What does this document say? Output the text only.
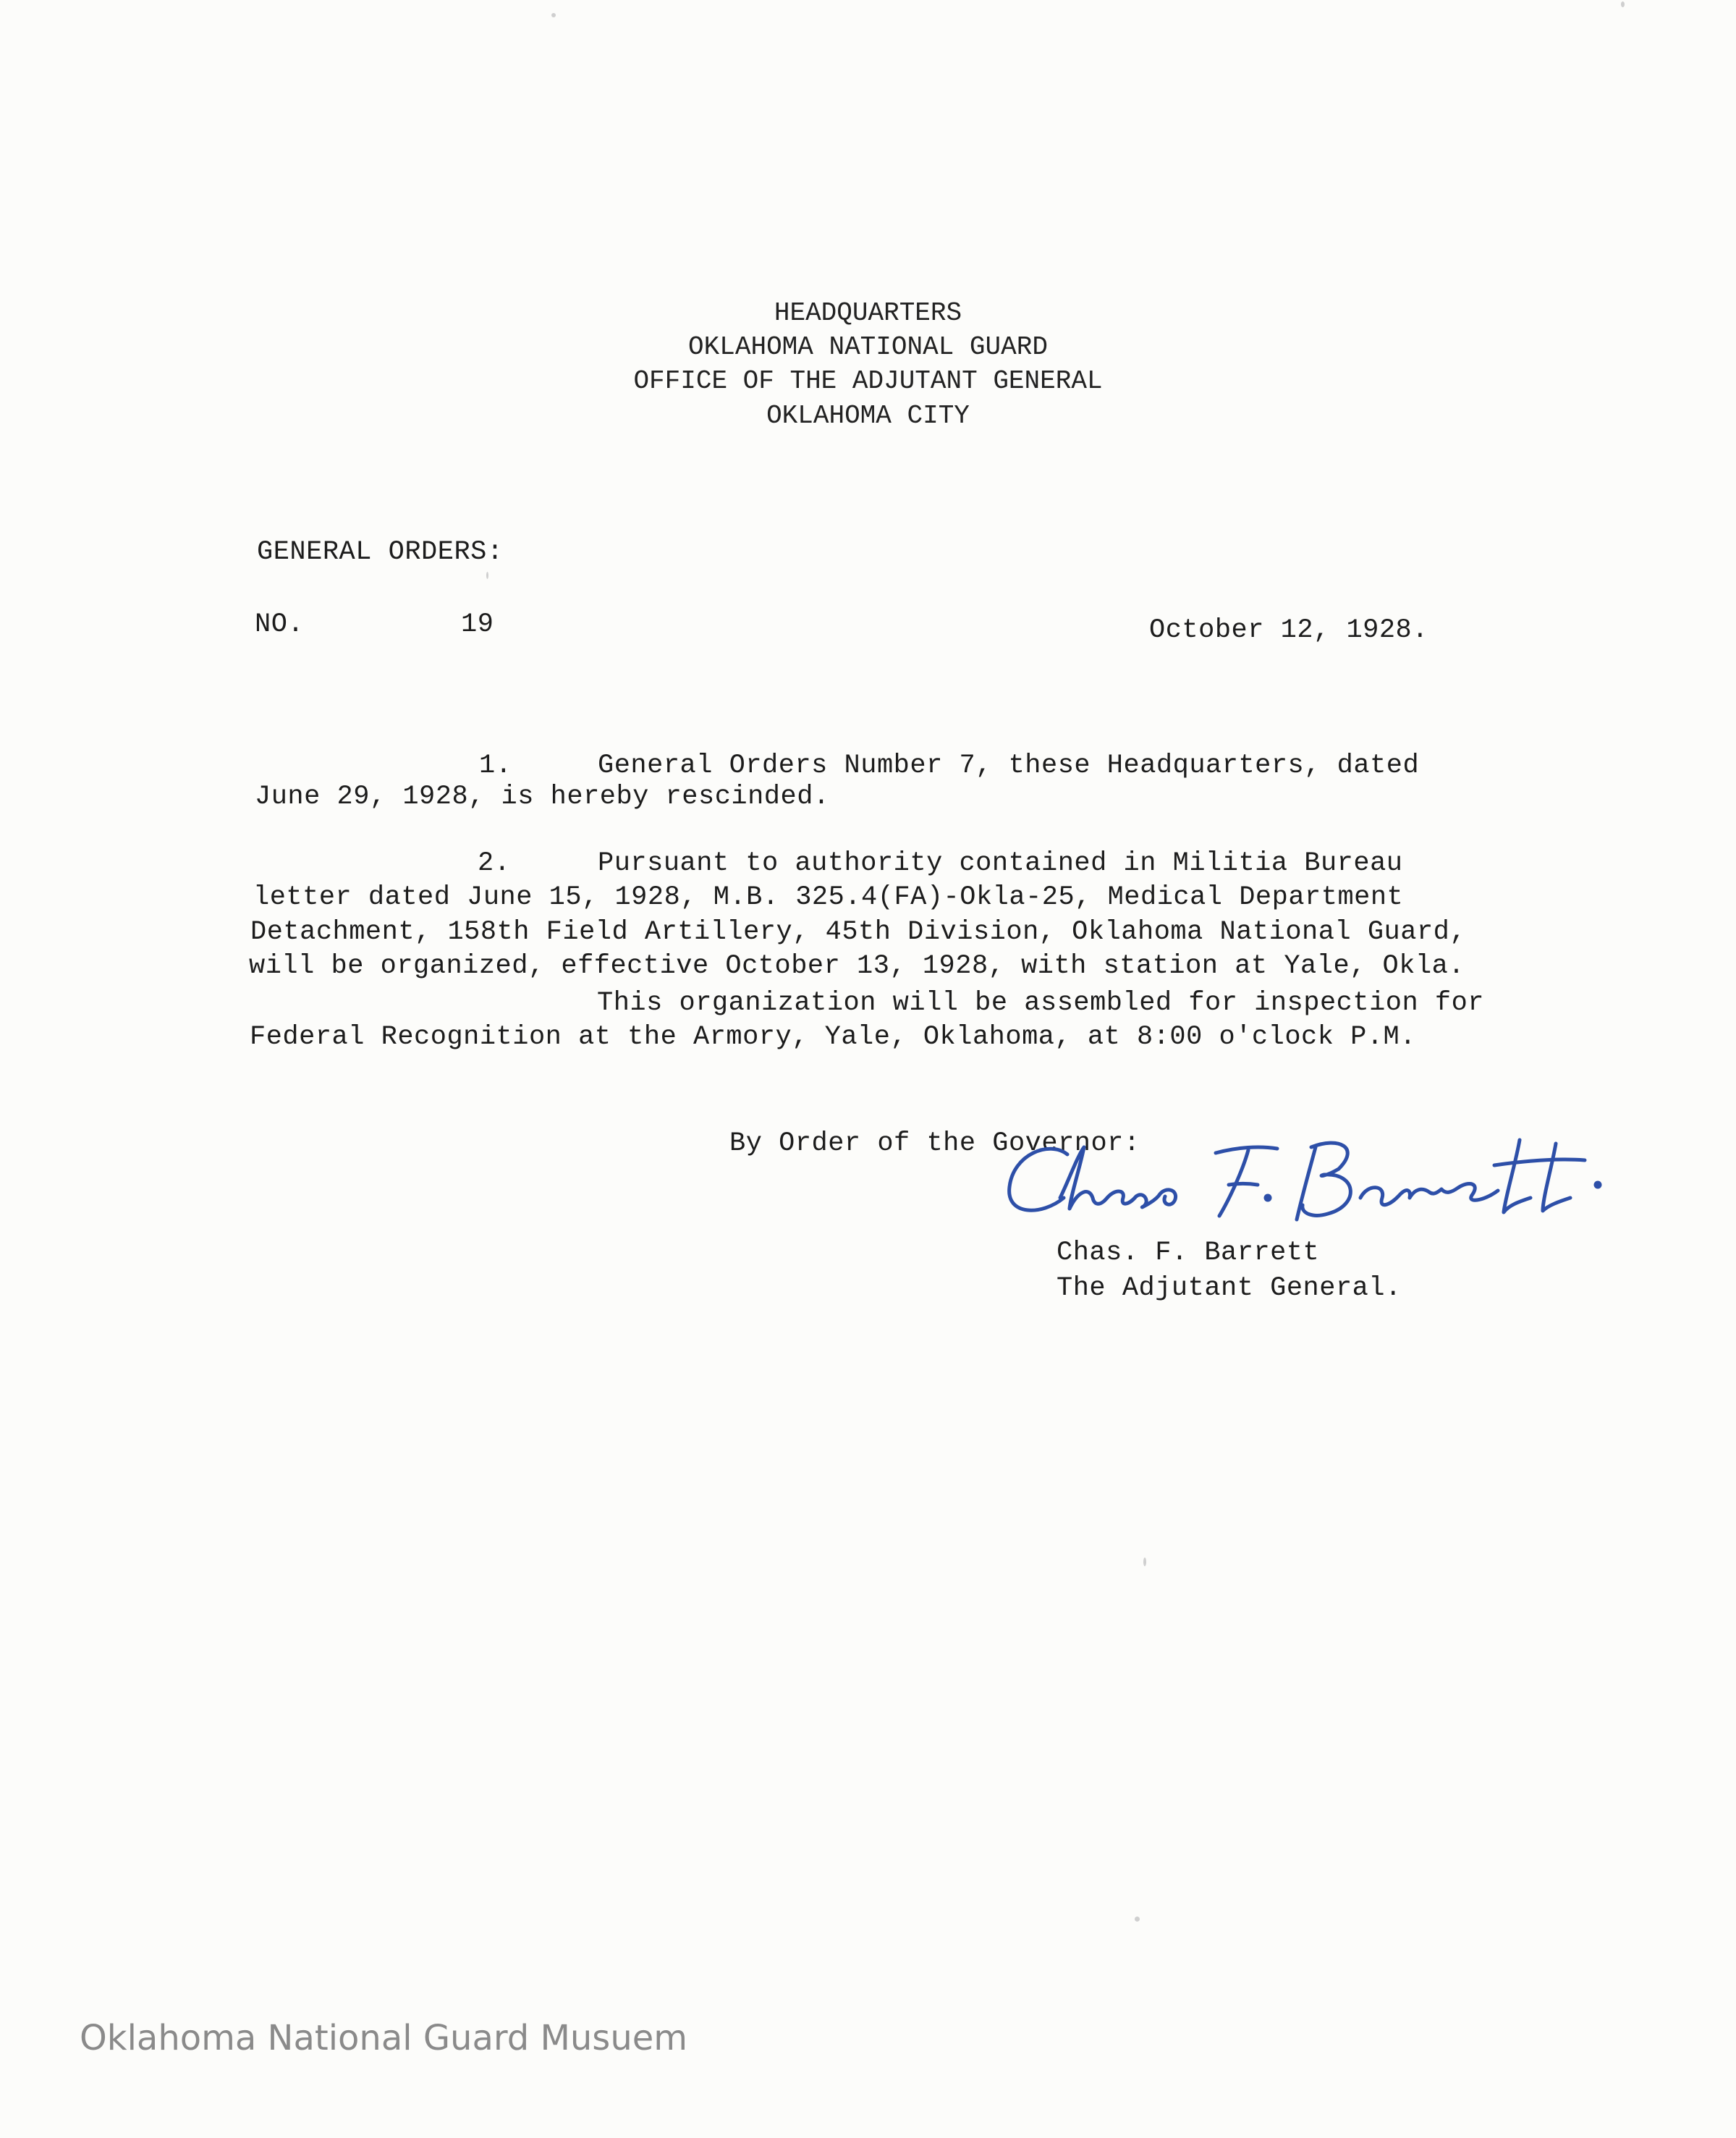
HEADQUARTERS
OKLAHOMA NATIONAL GUARD
OFFICE OF THE ADJUTANT GENERAL
OKLAHOMA CITY
GENERAL ORDERS:
NO.	19	October 12, 1928.
1.	General Orders Number 7, these Headquarters, dated
June 29, 1928, is hereby rescinded.
2.	Pursuant to authority contained in Militia Bureau
letter dated June 15, 1928, M.B. 325.4(FA)-Okla-25, Medical Department
Detachment, 158th Field Artillery, 45th Division, Oklahoma National Guard,
will be organized, effective October 13, 1928, with station at Yale, Okla.
This organization will be assembled for inspection for
Federal Recognition at the Armory, Yale, Oklahoma, at 8:00 o'clock P.M.
By Order of the Governor:
Chas. F. Barrett
The Adjutant General.
Oklahoma National Guard Musuem
